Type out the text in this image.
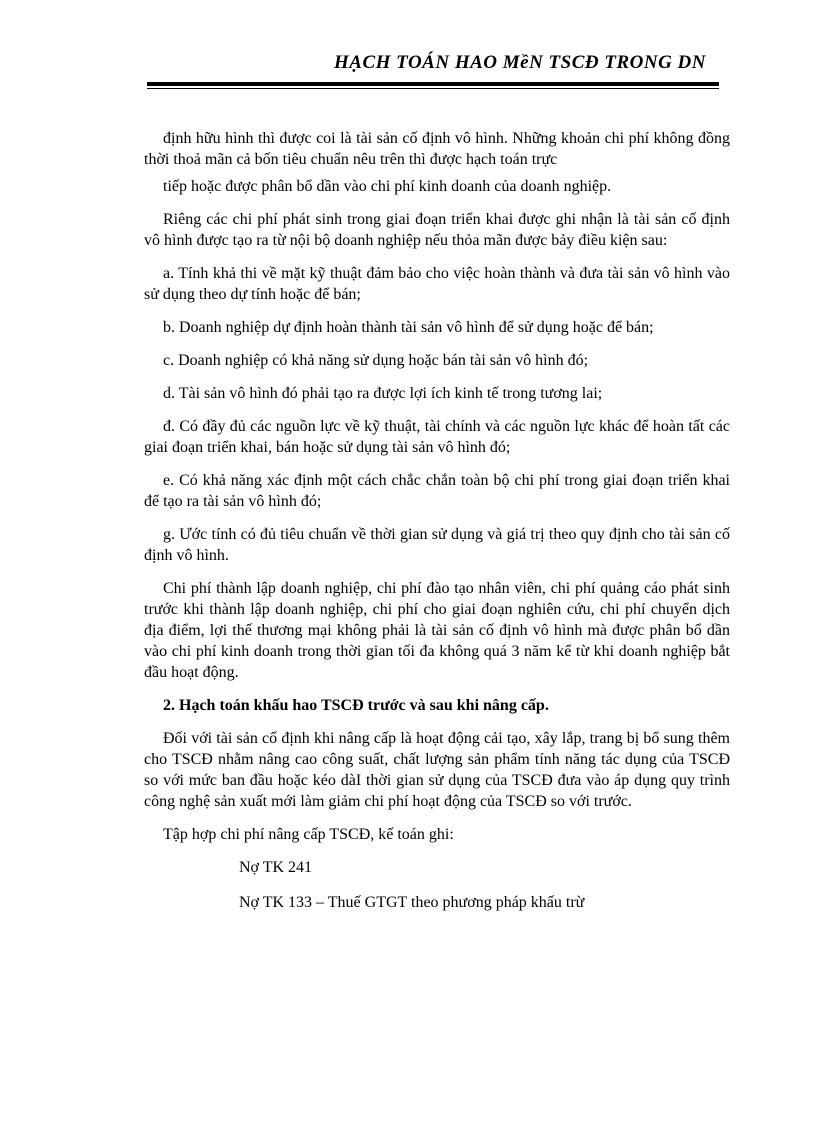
HẠCH TOÁN HAO MềN TSCĐ TRONG DN

định hữu hình thì được coi là tài sản cố định vô hình. Những khoản chi phí không đồng thời thoả mãn cả bốn tiêu chuẩn nêu trên thì được hạch toán trực

tiếp hoặc được phân bổ dần vào chi phí kinh doanh của doanh nghiệp.

Riêng các chi phí phát sinh trong giai đoạn triển khai được ghi nhận là tài sản cố định vô hình được tạo ra từ nội bộ doanh nghiệp nếu thỏa mãn được bảy điều kiện sau:

a. Tính khả thi về mặt kỹ thuật đảm bảo cho việc hoàn thành và đưa tài sản vô hình vào sử dụng theo dự tính hoặc để bán;

b. Doanh nghiệp dự định hoàn thành tài sản vô hình để sử dụng hoặc để bán;

c. Doanh nghiệp có khả năng sử dụng hoặc bán tài sản vô hình đó;

d. Tài sản vô hình đó phải tạo ra được lợi ích kinh tế trong tương lai;

đ. Có đầy đủ các nguồn lực về kỹ thuật, tài chính và các nguồn lực khác để hoàn tất các giai đoạn triển khai, bán hoặc sử dụng tài sản vô hình đó;

e. Có khả năng xác định một cách chắc chắn toàn bộ chi phí trong giai đoạn triển khai để tạo ra tài sản vô hình đó;

g. Ước tính có đủ tiêu chuẩn về thời gian sử dụng và giá trị theo quy định cho tài sản cố định vô hình.

Chi phí thành lập doanh nghiệp, chi phí đào tạo nhân viên, chi phí quảng cáo phát sinh trước khi thành lập doanh nghiệp, chi phí cho giai đoạn nghiên cứu, chi phí chuyển dịch địa điểm, lợi thế thương mại không phải là tài sản cố định vô hình mà được phân bổ dần vào chi phí kinh doanh trong thời gian tối đa không quá 3 năm kể từ khi doanh nghiệp bắt đầu hoạt động.

2. Hạch toán khấu hao TSCĐ trước và sau khi nâng cấp.

Đối với tài sản cố định khi nâng cấp là hoạt động cải tạo, xây lắp, trang bị bổ sung thêm cho TSCĐ nhằm nâng cao công suất, chất lượng sản phẩm tính năng tác dụng của TSCĐ so với mức ban đầu hoặc kéo dàI thời gian sử dụng của TSCĐ đưa vào áp dụng quy trình công nghệ sản xuất mới làm giảm chi phí hoạt động của TSCĐ so với trước.

Tập hợp chi phí nâng cấp TSCĐ, kế toán ghi:

Nợ TK 241

Nợ TK 133 – Thuế GTGT theo phương pháp khấu trừ
